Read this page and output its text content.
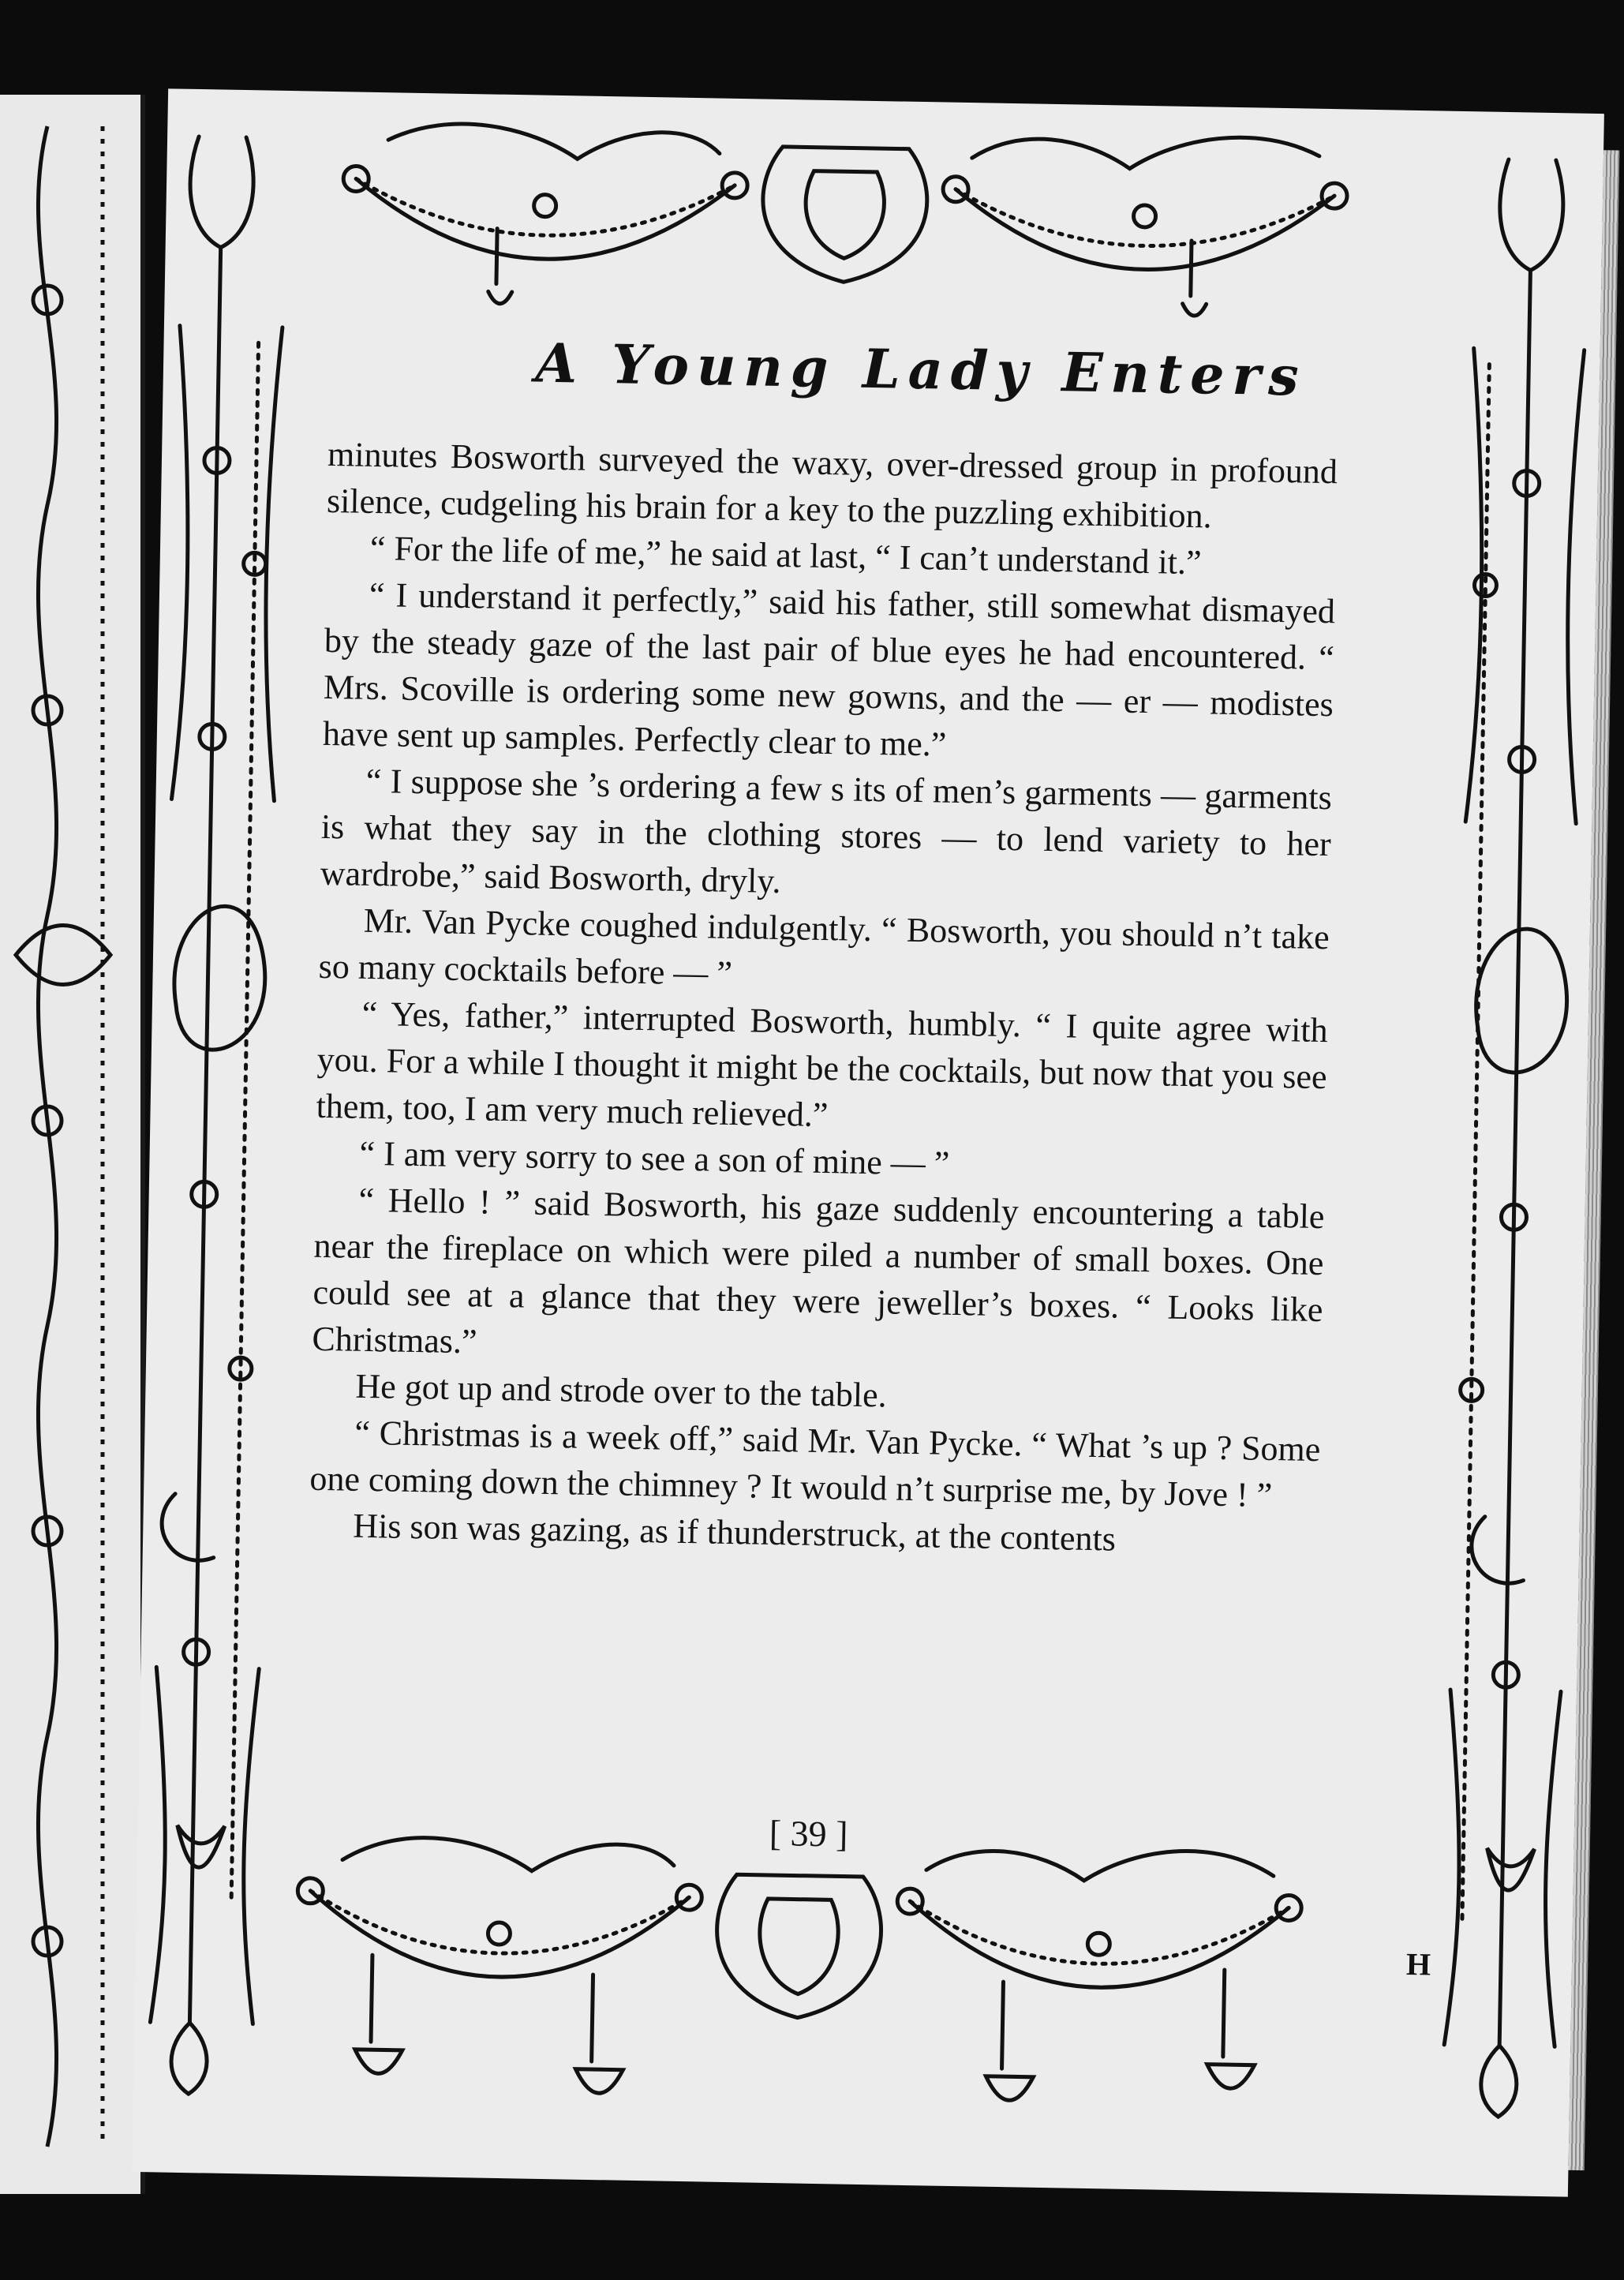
A Young Lady Enters

minutes Bosworth surveyed the waxy, over-dressed group in profound silence, cudgeling his brain for a key to the puzzling exhibition.

“ For the life of me,” he said at last, “ I can’t understand it.”

“ I understand it perfectly,” said his father, still somewhat dismayed by the steady gaze of the last pair of blue eyes he had encountered. “ Mrs. Scoville is ordering some new gowns, and the — er — modistes have sent up samples. Perfectly clear to me.”

“ I suppose she ’s ordering a few s its of men’s garments — garments is what they say in the clothing stores — to lend variety to her wardrobe,” said Bosworth, dryly.

Mr. Van Pycke coughed indulgently. “ Bosworth, you should n’t take so many cocktails before — ”

“ Yes, father,” interrupted Bosworth, humbly. “ I quite agree with you. For a while I thought it might be the cocktails, but now that you see them, too, I am very much relieved.”

“ I am very sorry to see a son of mine — ”

“ Hello ! ” said Bosworth, his gaze suddenly encountering a table near the fireplace on which were piled a number of small boxes. One could see at a glance that they were jeweller’s boxes. “ Looks like Christmas.”

He got up and strode over to the table.

“ Christmas is a week off,” said Mr. Van Pycke. “ What ’s up ? Some one coming down the chimney ? It would n’t surprise me, by Jove ! ”

His son was gazing, as if thunderstruck, at the contents

[ 39 ]
H
